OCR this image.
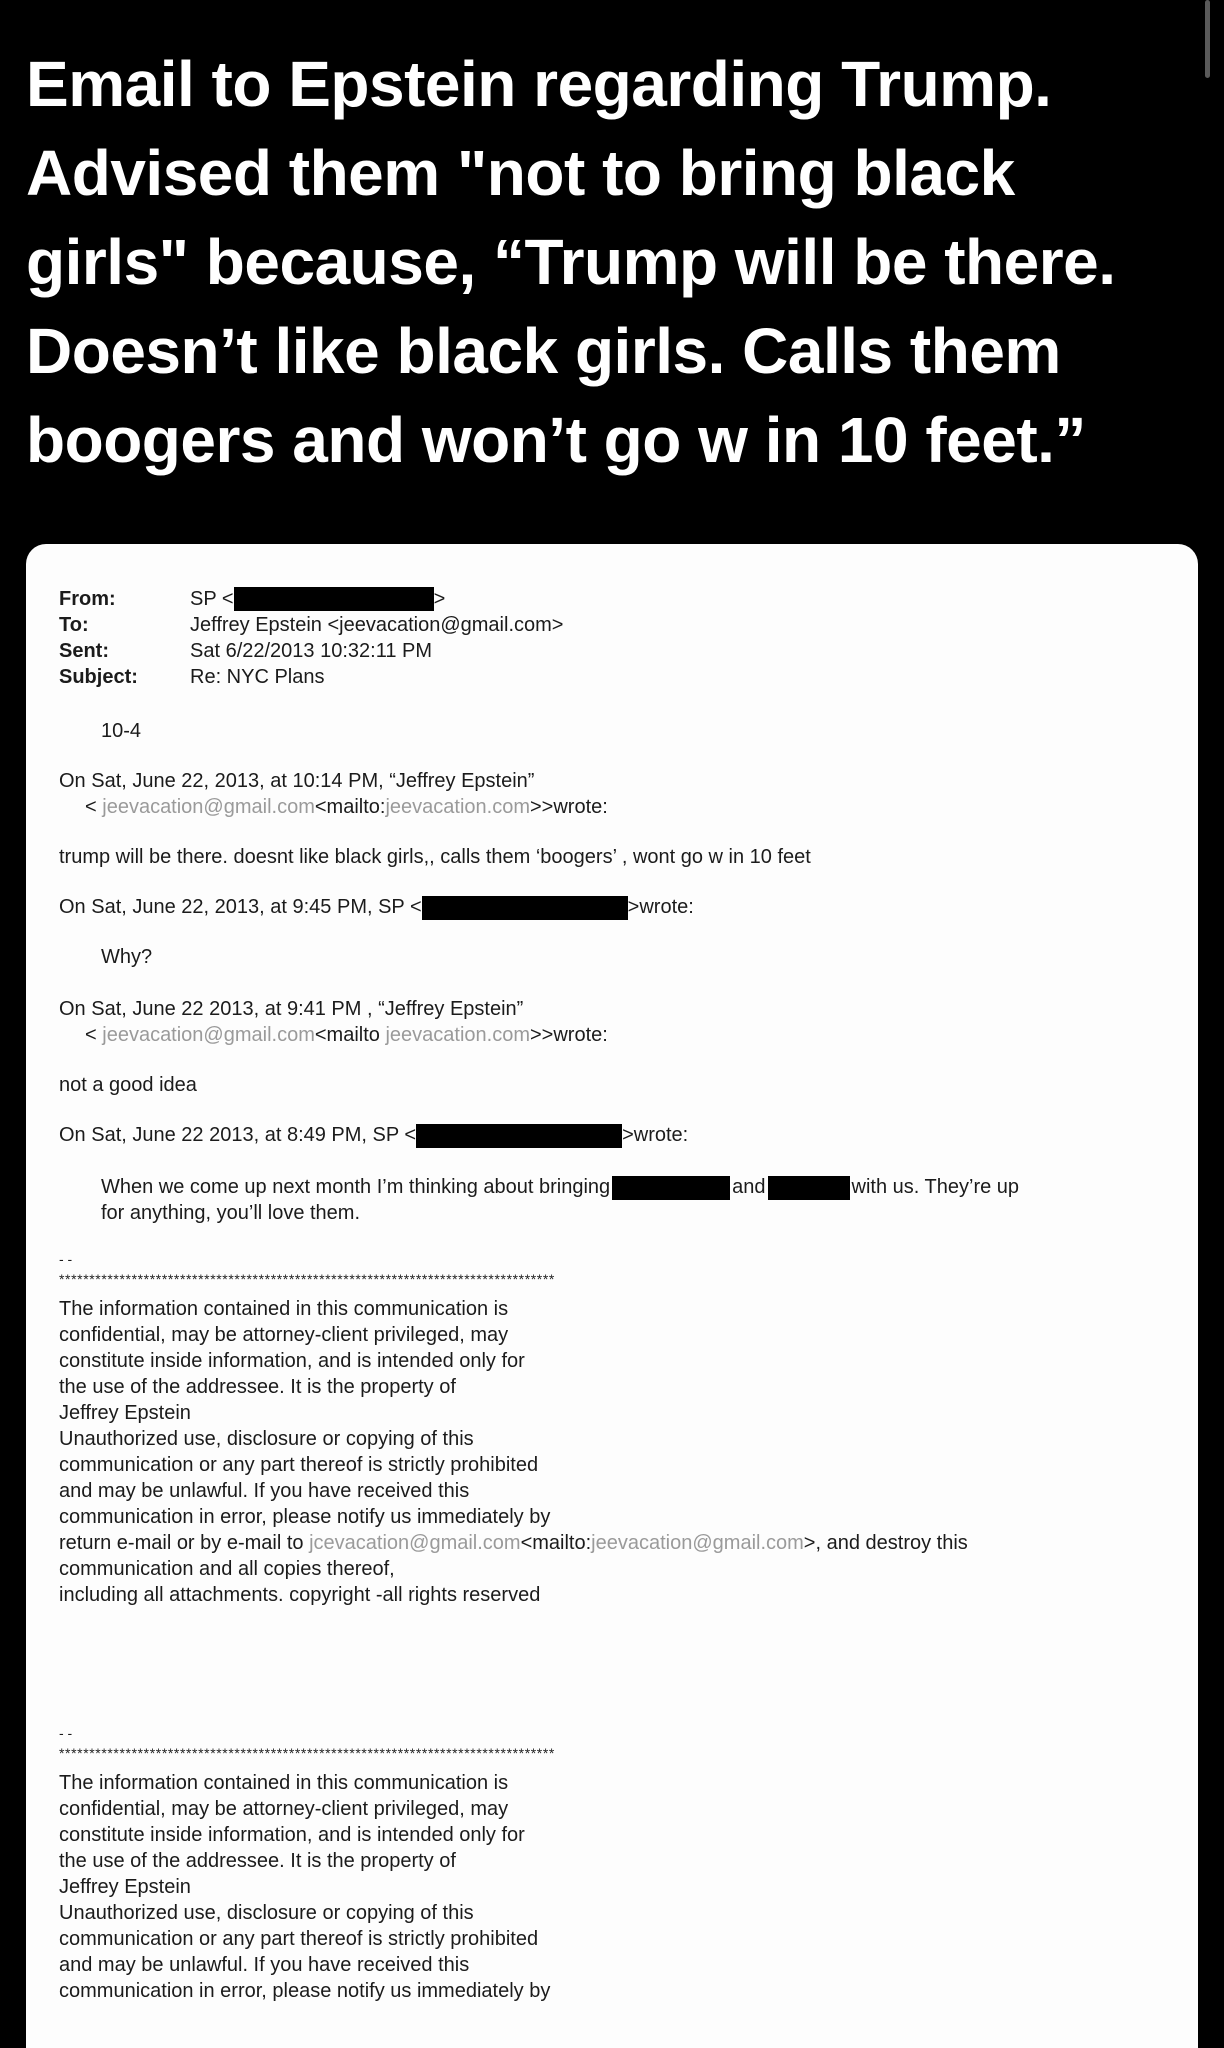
Email to Epstein regarding Trump.
Advised them "not to bring black
girls" because, “Trump will be there.
Doesn’t like black girls. Calls them
boogers and won’t go w in 10 feet.”
From:	SP <	>
To:	Jeffrey Epstein <jeevacation@gmail.com>
Sent:	Sat 6/22/2013 10:32:11 PM
Subject:	Re: NYC Plans
10-4
On Sat, June 22, 2013, at 10:14 PM, “Jeffrey Epstein”
< jeevacation@gmail.com<mailto:jeevacation.com>>wrote:
trump will be there. doesnt like black girls,, calls them ‘boogers’ , wont go w in 10 feet
On Sat, June 22, 2013, at 9:45 PM, SP <	>wrote:
Why?
On Sat, June 22 2013, at 9:41 PM , “Jeffrey Epstein”
< jeevacation@gmail.com<mailto jeevacation.com>>wrote:
not a good idea
On Sat, June 22 2013, at 8:49 PM, SP <	>wrote:
When we come up next month I’m thinking about bringing	and	with us. They’re up
for anything, you’ll love them.
- -
**********************************************************************************
The information contained in this communication is
confidential, may be attorney-client privileged, may
constitute inside information, and is intended only for
the use of the addressee. It is the property of
Jeffrey Epstein
Unauthorized use, disclosure or copying of this
communication or any part thereof is strictly prohibited
and may be unlawful. If you have received this
communication in error, please notify us immediately by
return e-mail or by e-mail to jcevacation@gmail.com<mailto:jeevacation@gmail.com>, and destroy this
communication and all copies thereof,
including all attachments. copyright -all rights reserved
- -
**********************************************************************************
The information contained in this communication is
confidential, may be attorney-client privileged, may
constitute inside information, and is intended only for
the use of the addressee. It is the property of
Jeffrey Epstein
Unauthorized use, disclosure or copying of this
communication or any part thereof is strictly prohibited
and may be unlawful. If you have received this
communication in error, please notify us immediately by
